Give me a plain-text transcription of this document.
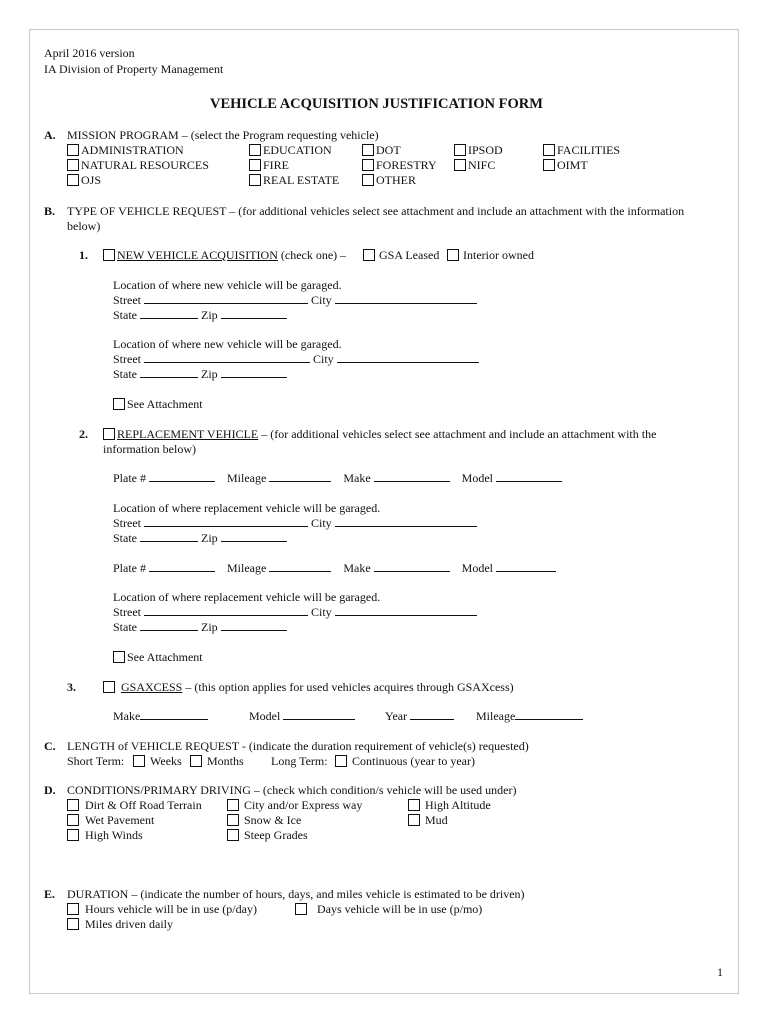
April 2016 version
IA Division of Property Management
VEHICLE ACQUISITION JUSTIFICATION FORM
A. MISSION PROGRAM – (select the Program requesting vehicle)
ADMINISTRATION	EDUCATION	DOT	IPSOD	FACILITIES
NATURAL RESOURCES	FIRE	FORESTRY	NIFC	OIMT
OJS	REAL ESTATE	OTHER
B. TYPE OF VEHICLE REQUEST – (for additional vehicles select see attachment and include an attachment with the information
below)
1. NEW VEHICLE ACQUISITION (check one) –	GSA Leased Interior owned
Location of where new vehicle will be garaged.
Street	City
State	Zip
Location of where new vehicle will be garaged.
Street	City
State	Zip
See Attachment
2. REPLACEMENT VEHICLE – (for additional vehicles select see attachment and include an attachment with the
information below)
Plate #	Mileage	Make	Model
Location of where replacement vehicle will be garaged.
Street	City
State	Zip
Plate #	Mileage	Make	Model
Location of where replacement vehicle will be garaged.
Street	City
State	Zip
See Attachment
3.	GSAXCESS – (this option applies for used vehicles acquires through GSAXcess)
Make	Model	Year	Mileage
C. LENGTH of VEHICLE REQUEST - (indicate the duration requirement of vehicle(s) requested)
Short Term: Weeks Months Long Term: Continuous (year to year)
D. CONDITIONS/PRIMARY DRIVING – (check which condition/s vehicle will be used under)
Dirt & Off Road Terrain	City and/or Express way	High Altitude
Wet Pavement	Snow & Ice	Mud
High Winds	Steep Grades
E. DURATION – (indicate the number of hours, days, and miles vehicle is estimated to be driven)
Hours vehicle will be in use (p/day)	Days vehicle will be in use (p/mo)
Miles driven daily
1
